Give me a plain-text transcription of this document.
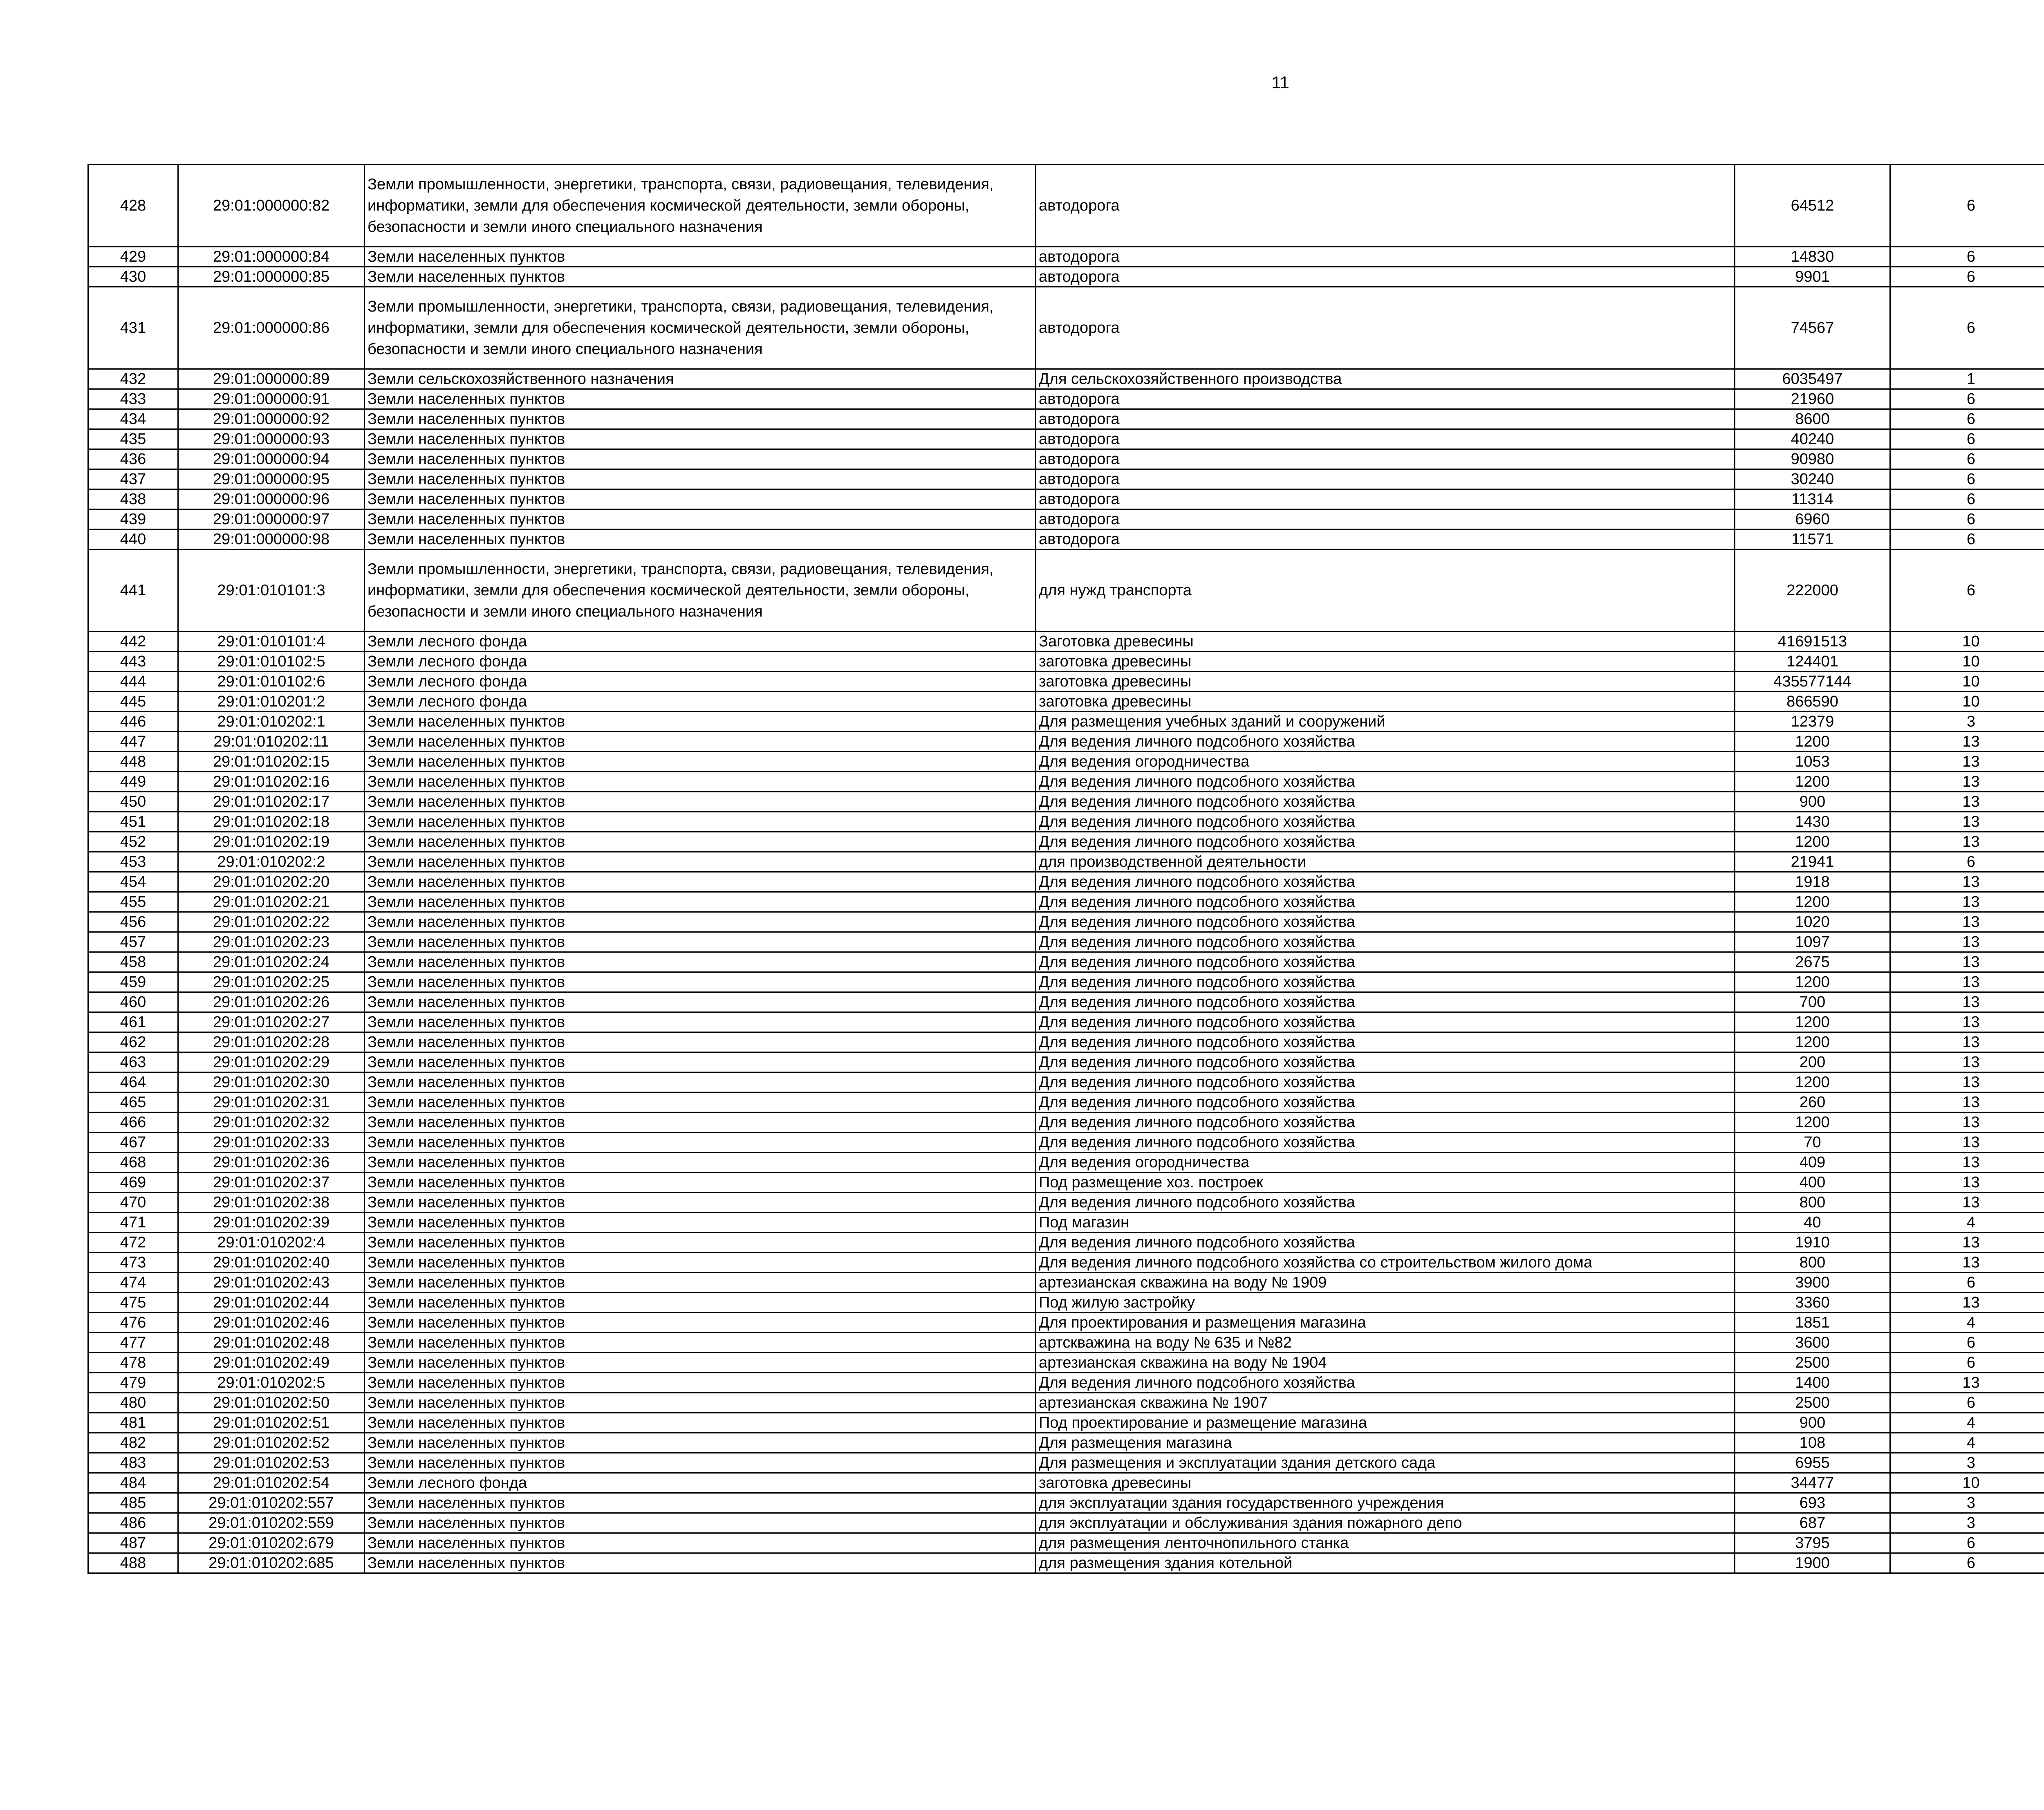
11
428	29:01:000000:82	Земли промышленности, энергетики, транспорта, связи, радиовещания, телевидения, информатики, земли для обеспечения космической деятельности, земли обороны, безопасности и земли иного специального назначения	автодорога	64512	6		
429	29:01:000000:84	Земли населенных пунктов	автодорога	14830	6		
430	29:01:000000:85	Земли населенных пунктов	автодорога	9901	6		
431	29:01:000000:86	Земли промышленности, энергетики, транспорта, связи, радиовещания, телевидения, информатики, земли для обеспечения космической деятельности, земли обороны, безопасности и земли иного специального назначения	автодорога	74567	6		
432	29:01:000000:89	Земли сельскохозяйственного назначения	Для сельскохозяйственного производства	6035497	1		
433	29:01:000000:91	Земли населенных пунктов	автодорога	21960	6		
434	29:01:000000:92	Земли населенных пунктов	автодорога	8600	6		
435	29:01:000000:93	Земли населенных пунктов	автодорога	40240	6		
436	29:01:000000:94	Земли населенных пунктов	автодорога	90980	6		
437	29:01:000000:95	Земли населенных пунктов	автодорога	30240	6		
438	29:01:000000:96	Земли населенных пунктов	автодорога	11314	6		
439	29:01:000000:97	Земли населенных пунктов	автодорога	6960	6		
440	29:01:000000:98	Земли населенных пунктов	автодорога	11571	6		
441	29:01:010101:3	Земли промышленности, энергетики, транспорта, связи, радиовещания, телевидения, информатики, земли для обеспечения космической деятельности, земли обороны, безопасности и земли иного специального назначения	для нужд транспорта	222000	6		
442	29:01:010101:4	Земли лесного фонда	Заготовка древесины	41691513	10		
443	29:01:010102:5	Земли лесного фонда	заготовка древесины	124401	10		
444	29:01:010102:6	Земли лесного фонда	заготовка древесины	435577144	10		
445	29:01:010201:2	Земли лесного фонда	заготовка древесины	866590	10		
446	29:01:010202:1	Земли населенных пунктов	Для размещения учебных зданий и сооружений	12379	3		
447	29:01:010202:11	Земли населенных пунктов	Для ведения личного подсобного хозяйства	1200	13		
448	29:01:010202:15	Земли населенных пунктов	Для ведения огородничества	1053	13		
449	29:01:010202:16	Земли населенных пунктов	Для ведения личного подсобного хозяйства	1200	13		
450	29:01:010202:17	Земли населенных пунктов	Для ведения личного подсобного хозяйства	900	13		
451	29:01:010202:18	Земли населенных пунктов	Для ведения личного подсобного хозяйства	1430	13		
452	29:01:010202:19	Земли населенных пунктов	Для ведения личного подсобного хозяйства	1200	13		
453	29:01:010202:2	Земли населенных пунктов	для производственной деятельности	21941	6		
454	29:01:010202:20	Земли населенных пунктов	Для ведения личного подсобного хозяйства	1918	13		
455	29:01:010202:21	Земли населенных пунктов	Для ведения личного подсобного хозяйства	1200	13		
456	29:01:010202:22	Земли населенных пунктов	Для ведения личного подсобного хозяйства	1020	13		
457	29:01:010202:23	Земли населенных пунктов	Для ведения личного подсобного хозяйства	1097	13		
458	29:01:010202:24	Земли населенных пунктов	Для ведения личного подсобного хозяйства	2675	13		
459	29:01:010202:25	Земли населенных пунктов	Для ведения личного подсобного хозяйства	1200	13		
460	29:01:010202:26	Земли населенных пунктов	Для ведения личного подсобного хозяйства	700	13		
461	29:01:010202:27	Земли населенных пунктов	Для ведения личного подсобного хозяйства	1200	13		
462	29:01:010202:28	Земли населенных пунктов	Для ведения личного подсобного хозяйства	1200	13		
463	29:01:010202:29	Земли населенных пунктов	Для ведения личного подсобного хозяйства	200	13		
464	29:01:010202:30	Земли населенных пунктов	Для ведения личного подсобного хозяйства	1200	13		
465	29:01:010202:31	Земли населенных пунктов	Для ведения личного подсобного хозяйства	260	13		
466	29:01:010202:32	Земли населенных пунктов	Для ведения личного подсобного хозяйства	1200	13		
467	29:01:010202:33	Земли населенных пунктов	Для ведения личного подсобного хозяйства	70	13		
468	29:01:010202:36	Земли населенных пунктов	Для ведения огородничества	409	13		
469	29:01:010202:37	Земли населенных пунктов	Под размещение хоз. построек	400	13		
470	29:01:010202:38	Земли населенных пунктов	Для ведения личного подсобного хозяйства	800	13		
471	29:01:010202:39	Земли населенных пунктов	Под магазин	40	4		
472	29:01:010202:4	Земли населенных пунктов	Для ведения личного подсобного хозяйства	1910	13		
473	29:01:010202:40	Земли населенных пунктов	Для ведения личного подсобного хозяйства со строительством жилого дома	800	13		
474	29:01:010202:43	Земли населенных пунктов	артезианская скважина на воду № 1909	3900	6		
475	29:01:010202:44	Земли населенных пунктов	Под жилую застройку	3360	13		
476	29:01:010202:46	Земли населенных пунктов	Для проектирования и размещения магазина	1851	4		
477	29:01:010202:48	Земли населенных пунктов	артскважина на воду № 635 и №82	3600	6		
478	29:01:010202:49	Земли населенных пунктов	артезианская скважина на воду № 1904	2500	6		
479	29:01:010202:5	Земли населенных пунктов	Для ведения личного подсобного хозяйства	1400	13		
480	29:01:010202:50	Земли населенных пунктов	артезианская скважина № 1907	2500	6		
481	29:01:010202:51	Земли населенных пунктов	Под проектирование и размещение магазина	900	4		
482	29:01:010202:52	Земли населенных пунктов	Для размещения магазина	108	4		
483	29:01:010202:53	Земли населенных пунктов	Для размещения и эксплуатации здания детского сада	6955	3		
484	29:01:010202:54	Земли лесного фонда	заготовка древесины	34477	10		
485	29:01:010202:557	Земли населенных пунктов	для эксплуатации здания государственного учреждения	693	3		
486	29:01:010202:559	Земли населенных пунктов	для эксплуатации и обслуживания здания пожарного депо	687	3		
487	29:01:010202:679	Земли населенных пунктов	для размещения ленточнопильного станка	3795	6		
488	29:01:010202:685	Земли населенных пунктов	для размещения здания котельной	1900	6		
